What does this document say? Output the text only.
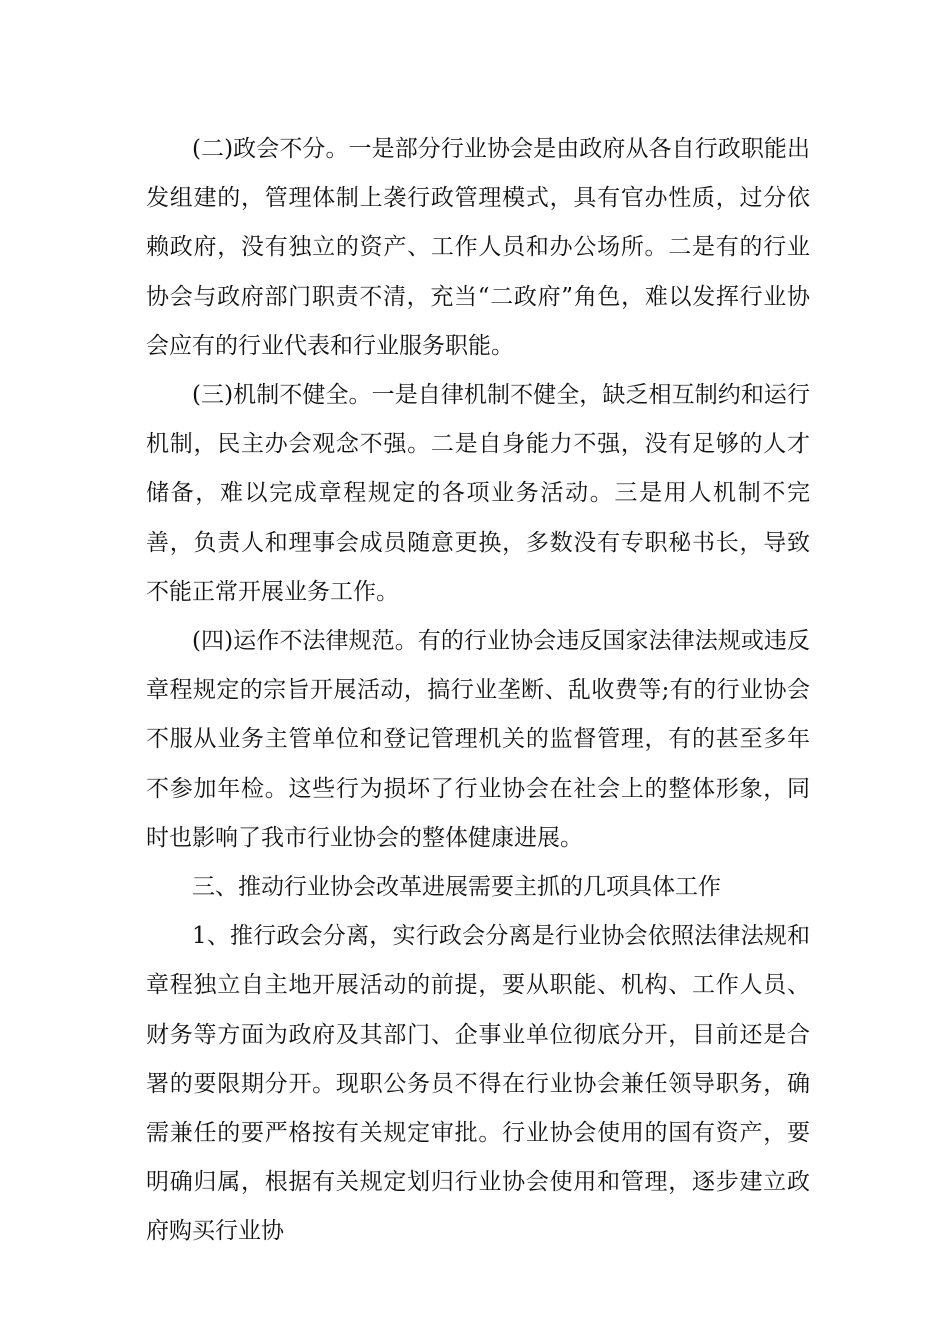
(二)政会不分。一是部分行业协会是由政府从各自行政职能出发组建的，管理体制上袭行政管理模式，具有官办性质，过分依赖政府，没有独立的资产、工作人员和办公场所。二是有的行业协会与政府部门职责不清，充当“二政府”角色，难以发挥行业协会应有的行业代表和行业服务职能。

(三)机制不健全。一是自律机制不健全，缺乏相互制约和运行机制，民主办会观念不强。二是自身能力不强，没有足够的人才储备，难以完成章程规定的各项业务活动。三是用人机制不完善，负责人和理事会成员随意更换，多数没有专职秘书长，导致不能正常开展业务工作。

(四)运作不法律规范。有的行业协会违反国家法律法规或违反章程规定的宗旨开展活动，搞行业垄断、乱收费等;有的行业协会不服从业务主管单位和登记管理机关的监督管理，有的甚至多年不参加年检。这些行为损坏了行业协会在社会上的整体形象，同时也影响了我市行业协会的整体健康进展。

三、推动行业协会改革进展需要主抓的几项具体工作

1、推行政会分离，实行政会分离是行业协会依照法律法规和章程独立自主地开展活动的前提，要从职能、机构、工作人员、财务等方面为政府及其部门、企事业单位彻底分开，目前还是合署的要限期分开。现职公务员不得在行业协会兼任领导职务，确需兼任的要严格按有关规定审批。行业协会使用的国有资产，要明确归属，根据有关规定划归行业协会使用和管理，逐步建立政府购买行业协
